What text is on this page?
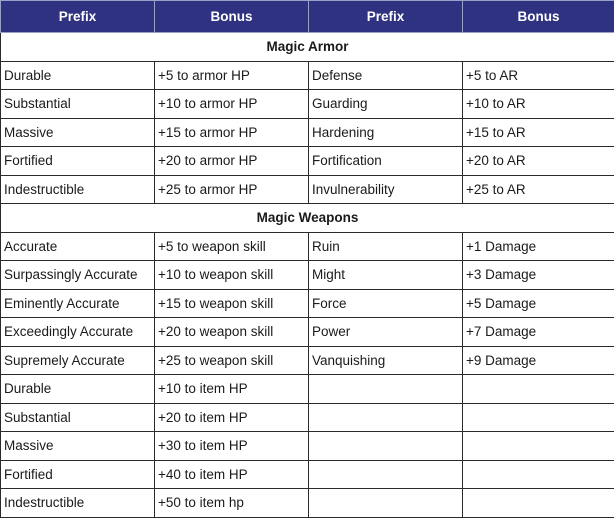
Prefix	Bonus	Prefix	Bonus
Magic Armor			
Durable	+5 to armor HP	Defense	+5 to AR
Substantial	+10 to armor HP	Guarding	+10 to AR
Massive	+15 to armor HP	Hardening	+15 to AR
Fortified	+20 to armor HP	Fortification	+20 to AR
Indestructible	+25 to armor HP	Invulnerability	+25 to AR
Magic Weapons			
Accurate	+5 to weapon skill	Ruin	+1 Damage
Surpassingly Accurate	+10 to weapon skill	Might	+3 Damage
Eminently Accurate	+15 to weapon skill	Force	+5 Damage
Exceedingly Accurate	+20 to weapon skill	Power	+7 Damage
Supremely Accurate	+25 to weapon skill	Vanquishing	+9 Damage
Durable	+10 to item HP		
Substantial	+20 to item HP		
Massive	+30 to item HP		
Fortified	+40 to item HP		
Indestructible	+50 to item hp		
